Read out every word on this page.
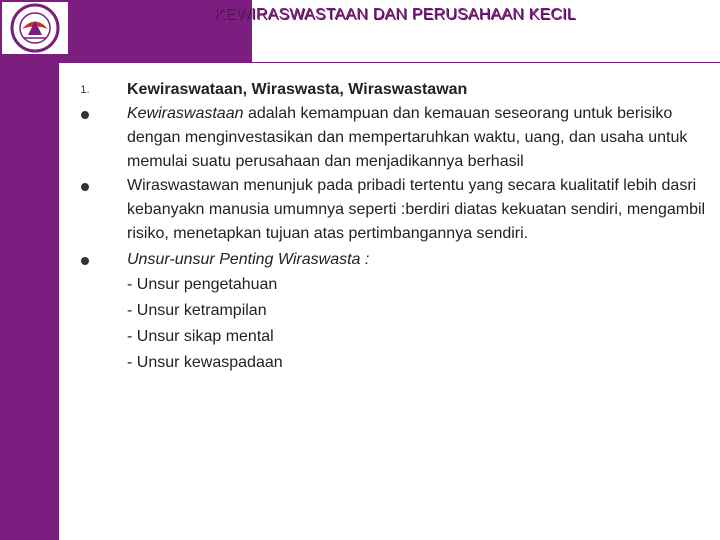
KEWIRASWASTAAN DAN PERUSAHAAN KECIL
1. Kewiraswataan, Wiraswasta, Wiraswastawan
Kewiraswastaan adalah kemampuan dan kemauan seseorang untuk berisiko dengan menginvestasikan dan mempertaruhkan waktu, uang, dan usaha untuk memulai suatu perusahaan dan menjadikannya berhasil
Wiraswastawan menunjuk pada pribadi tertentu yang secara kualitatif lebih dasri kebanyakn manusia umumnya seperti :berdiri diatas kekuatan sendiri, mengambil risiko, menetapkan tujuan atas pertimbangannya sendiri.
Unsur-unsur Penting Wiraswasta :
- Unsur pengetahuan
- Unsur ketrampilan
- Unsur sikap mental
- Unsur kewaspadaan
